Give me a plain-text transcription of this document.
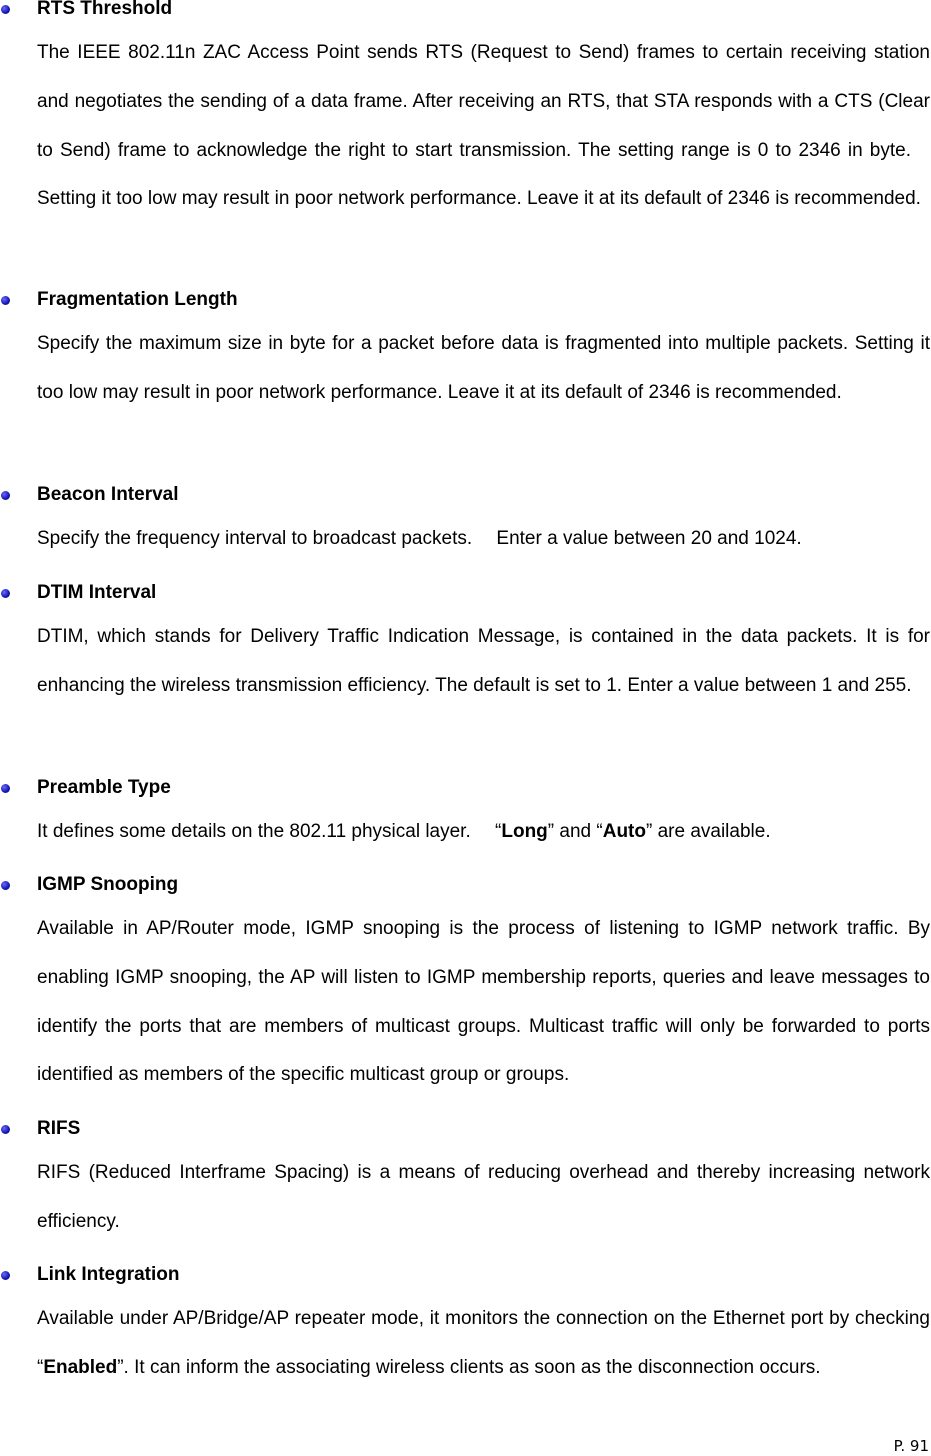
RTS Threshold

The IEEE 802.11n ZAC Access Point sends RTS (Request to Send) frames to certain receiving station and negotiates the sending of a data frame. After receiving an RTS, that STA responds with a CTS (Clear to Send) frame to acknowledge the right to start transmission. The setting range is 0 to 2346 in byte.  Setting it too low may result in poor network performance. Leave it at its default of 2346 is recommended.

Fragmentation Length

Specify the maximum size in byte for a packet before data is fragmented into multiple packets. Setting it too low may result in poor network performance. Leave it at its default of 2346 is recommended.

Beacon Interval

Specify the frequency interval to broadcast packets.  Enter a value between 20 and 1024.

DTIM Interval

DTIM, which stands for Delivery Traffic Indication Message, is contained in the data packets. It is for enhancing the wireless transmission efficiency. The default is set to 1. Enter a value between 1 and 255.

Preamble Type

It defines some details on the 802.11 physical layer.  “Long” and “Auto” are available.

IGMP Snooping

Available in AP/Router mode, IGMP snooping is the process of listening to IGMP network traffic. By enabling IGMP snooping, the AP will listen to IGMP membership reports, queries and leave messages to identify the ports that are members of multicast groups. Multicast traffic will only be forwarded to ports identified as members of the specific multicast group or groups.

RIFS

RIFS (Reduced Interframe Spacing) is a means of reducing overhead and thereby increasing network efficiency.

Link Integration

Available under AP/Bridge/AP repeater mode, it monitors the connection on the Ethernet port by checking “Enabled”. It can inform the associating wireless clients as soon as the disconnection occurs.

P. 91
